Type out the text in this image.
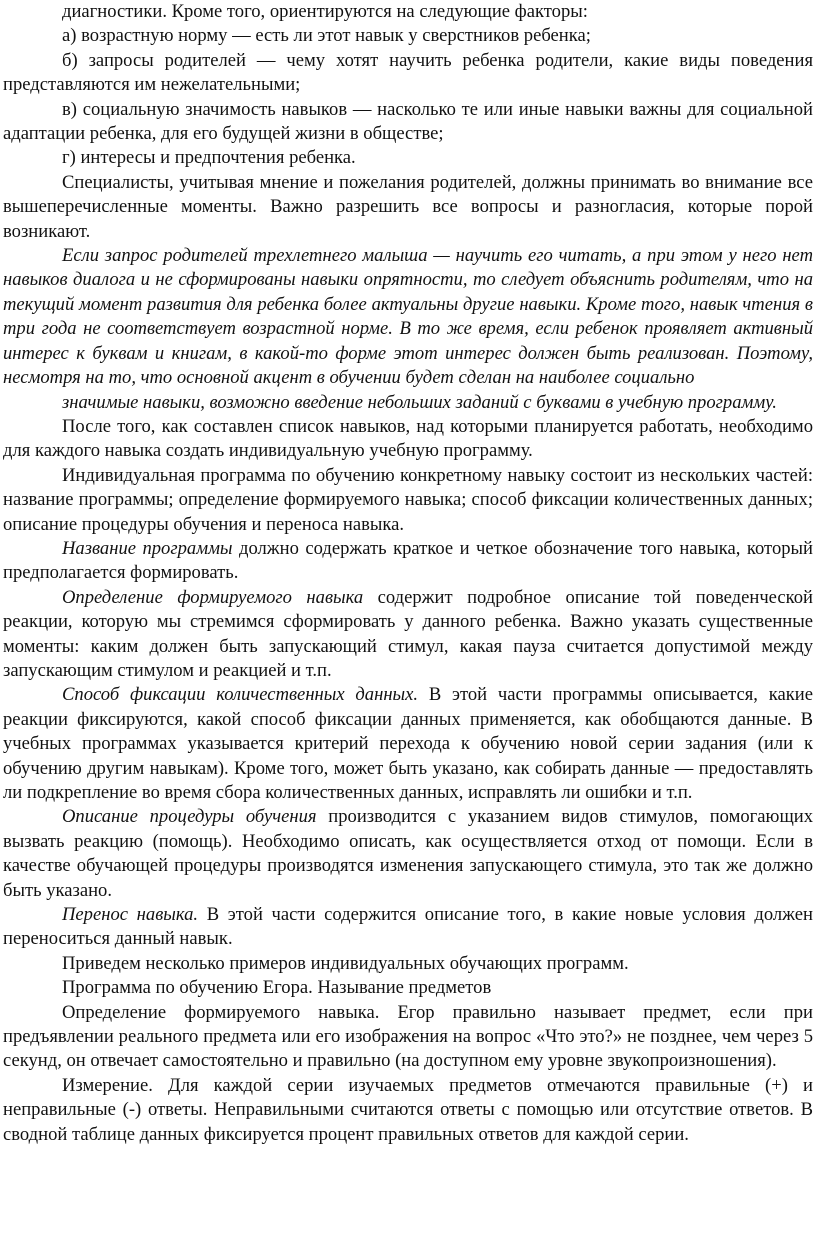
диагностики. Кроме того, ориентируются на следующие факторы:

а) возрастную норму — есть ли этот навык у сверстников ребенка;

б) запросы родителей — чему хотят научить ребенка родители, какие виды поведения представляются им нежелательными;

в) социальную значимость навыков — насколько те или иные навыки важны для социальной адаптации ребенка, для его будущей жизни в обществе;

г) интересы и предпочтения ребенка.

Специалисты, учитывая мнение и пожелания родителей, должны принимать во внимание все вышеперечисленные моменты. Важно разрешить все вопросы и разногласия, которые порой возникают.

Если запрос родителей трехлетнего малыша — научить его читать, а при этом у него нет навыков диалога и не сформированы навыки опрятности, то следует объяснить родителям, что на текущий момент развития для ребенка более актуальны другие навыки. Кроме того, навык чтения в три года не соответствует возрастной норме. В то же время, если ребенок проявляет активный интерес к буквам и книгам, в какой-то форме этот интерес должен быть реализован. Поэтому, несмотря на то, что основной акцент в обучении будет сделан на наиболее социально

значимые навыки, возможно введение небольших заданий с буквами в учебную программу.

После того, как составлен список навыков, над которыми планируется работать, необходимо для каждого навыка создать индивидуальную учебную программу.

Индивидуальная программа по обучению конкретному навыку состоит из нескольких частей: название программы; определение формируемого навыка; способ фиксации количественных данных; описание процедуры обучения и переноса навыка.

Название программы должно содержать краткое и четкое обозначение того навыка, который предполагается формировать.

Определение формируемого навыка содержит подробное описание той поведенческой реакции, которую мы стремимся сформировать у данного ребенка. Важно указать существенные моменты: каким должен быть запускающий стимул, какая пауза считается допустимой между запускающим стимулом и реакцией и т.п.

Способ фиксации количественных данных. В этой части программы описывается, какие реакции фиксируются, какой способ фиксации данных применяется, как обобщаются данные. В учебных программах указывается критерий перехода к обучению новой серии задания (или к обучению другим навыкам). Кроме того, может быть указано, как собирать данные — предоставлять ли подкрепление во время сбора количественных данных, исправлять ли ошибки и т.п.

Описание процедуры обучения производится с указанием видов стимулов, помогающих вызвать реакцию (помощь). Необходимо описать, как осуществляется отход от помощи. Если в качестве обучающей процедуры производятся изменения запускающего стимула, это так же должно быть указано.

Перенос навыка. В этой части содержится описание того, в какие новые условия должен переноситься данный навык.

Приведем несколько примеров индивидуальных обучающих программ.

Программа по обучению Егора. Называние предметов

Определение формируемого навыка. Егор правильно называет предмет, если при предъявлении реального предмета или его изображения на вопрос «Что это?» не позднее, чем через 5 секунд, он отвечает самостоятельно и правильно (на доступном ему уровне звукопроизношения).

Измерение. Для каждой серии изучаемых предметов отмечаются правильные (+) и неправильные (-) ответы. Неправильными считаются ответы с помощью или отсутствие ответов. В сводной таблице данных фиксируется процент правильных ответов для каждой серии.
